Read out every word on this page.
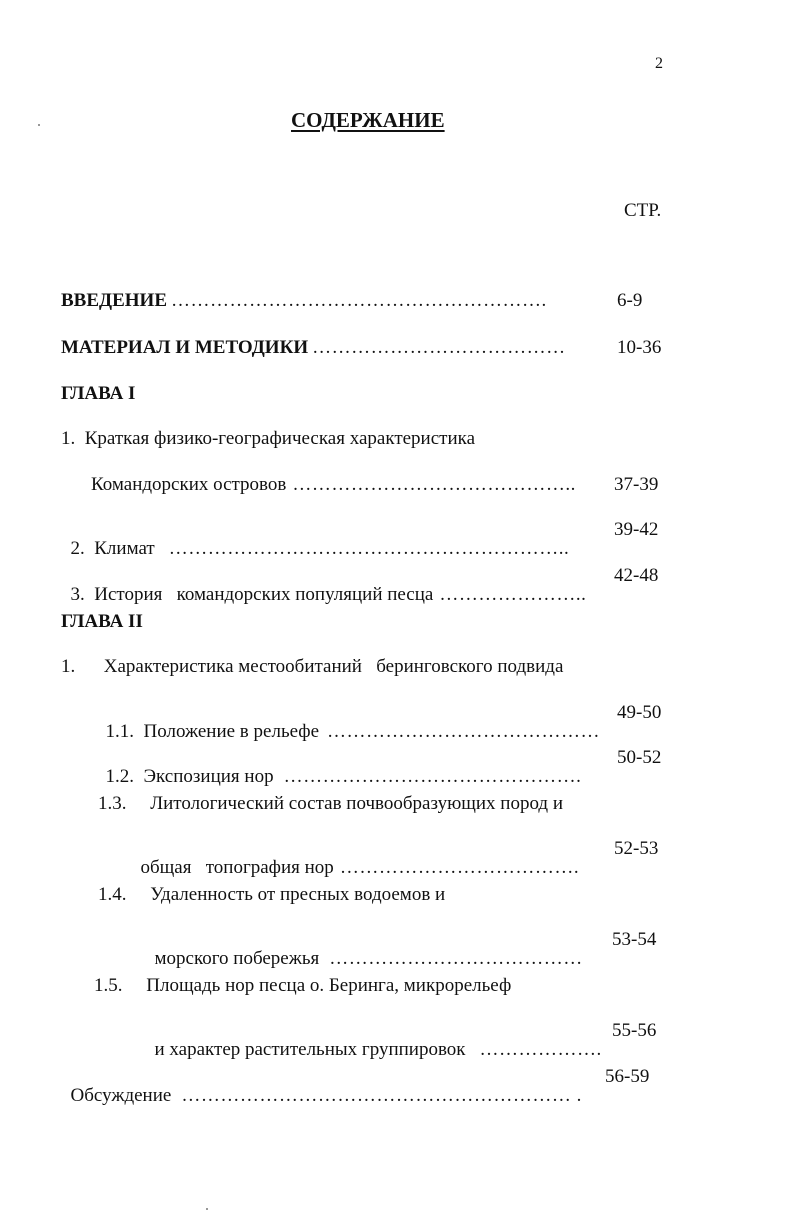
2
СОДЕРЖАНИЕ
СТР.
ВВЕДЕНИЕ ………………………………………………….	6-9
МАТЕРИАЛ И МЕТОДИКИ …………………………………	10-36
ГЛАВА I
1.  Краткая физико-географическая характеристика
Командорских островов …………………………………….. 37-39

2.  Климат ……………………………………………………..

39-42

3.  История   командорских популяций песца …………………..

42-48
ГЛАВА II
1.      Характеристика местообитаний   беринговского подвида

1.1.  Положение в рельефе ……………………………………

49-50

1.2.  Экспозиция нор ……………………………………….

50-52
1.3.     Литологический состав почвообразующих пород и

общая   топография нор ……………………………….

52-53
1.4.     Удаленность от пресных водоемов и

морского побережья …………………………………

53-54
1.5.     Площадь нор песца о. Беринга, микрорельеф

и характер растительных группировок ……………….

55-56

Обсуждение …………………………………………………… .

56-59
